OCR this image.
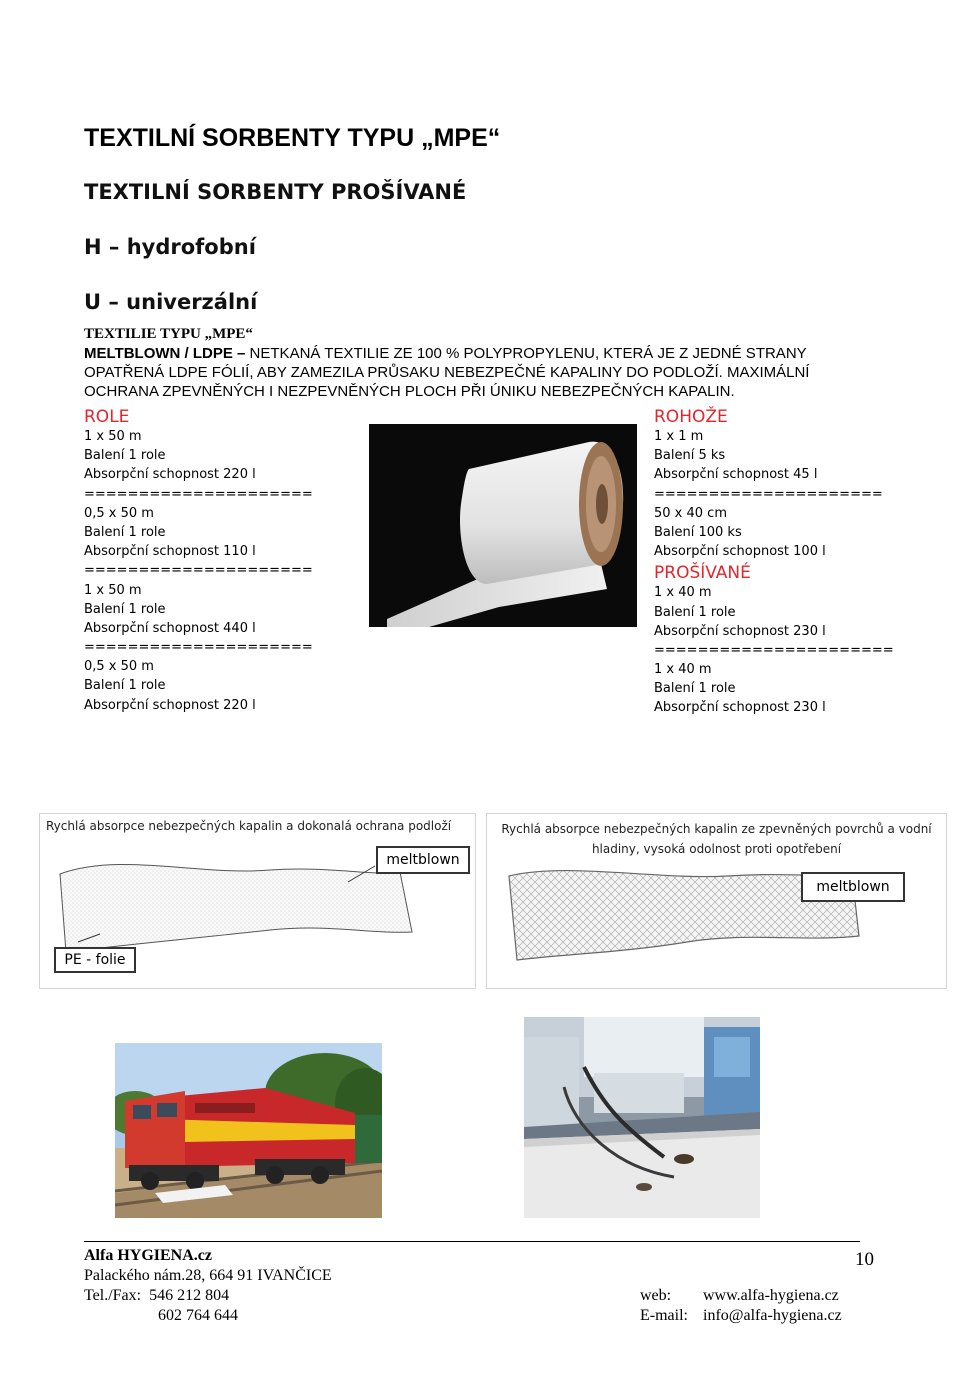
TEXTILNÍ SORBENTY TYPU „MPE“
TEXTILNÍ SORBENTY PROŠÍVANÉ
H – hydrofobní
U – univerzální
TEXTILIE TYPU „MPE“
MELTBLOWN / LDPE – NETKANÁ TEXTILIE ZE 100 % POLYPROPYLENU, KTERÁ JE Z JEDNÉ STRANY OPATŘENÁ LDPE FÓLIÍ, ABY ZAMEZILA PRŮSAKU NEBEZPEČNÉ KAPALINY DO PODLOŽÍ. MAXIMÁLNÍ OCHRANA ZPEVNĚNÝCH I NEZPEVNĚNÝCH PLOCH PŘI ÚNIKU NEBEZPEČNÝCH KAPALIN.
ROLE
1 x 50 m
Balení 1 role
Absorpční schopnost 220 l
=====================
0,5 x 50 m
Balení 1 role
Absorpční schopnost 110 l
=====================
1 x 50 m
Balení 1 role
Absorpční schopnost 440 l
=====================
0,5 x 50 m
Balení 1 role
Absorpční schopnost 220 l
ROHOŽE
1 x 1 m
Balení 5 ks
Absorpční schopnost 45 l
=====================
50 x 40 cm
Balení 100 ks
Absorpční schopnost 100 l
PROŠÍVANÉ
1 x 40 m
Balení 1 role
Absorpční schopnost 230 l
======================
1 x 40 m
Balení 1 role
Absorpční schopnost 230 l
Rychlá absorpce nebezpečných kapalin a dokonalá ochrana podloží
meltblown
PE - folie
Rychlá absorpce nebezpečných kapalin ze zpevněných povrchů a vodní
hladiny, vysoká odolnost proti opotřebení
meltblown
Alfa HYGIENA.cz
Palackého nám.28, 664 91 IVANČICE
Tel./Fax: 546 212 804
602 764 644
web: www.alfa-hygiena.cz
E-mail: info@alfa-hygiena.cz
10
